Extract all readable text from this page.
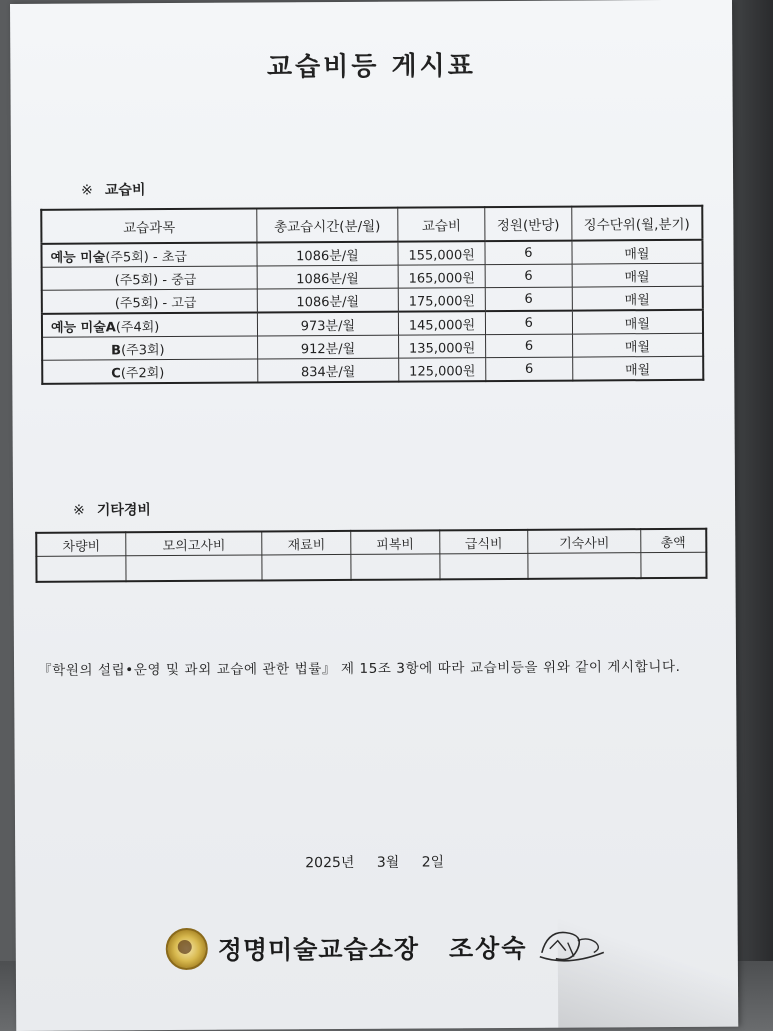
교습비등 게시표
※ 교습비
교습과목	총교습시간(분/월)	교습비	정원(반당)	징수단위(월,분기)
예능 미술(주5회) - 초급	1086분/월	155,000원	6	매월
(주5회) - 중급	1086분/월	165,000원	6	매월
(주5회) - 고급	1086분/월	175,000원	6	매월
예능 미술A(주4회)	973분/월	145,000원	6	매월
B(주3회)	912분/월	135,000원	6	매월
C(주2회)	834분/월	125,000원	6	매월
※ 기타경비
차량비	모의고사비	재료비	피복비	급식비	기숙사비	총액

『학원의 설립•운영 및 과외 교습에 관한 법률』 제 15조 3항에 따라 교습비등을 위와 같이 게시합니다.
2025년 3월 2일
정명미술교습소장 조상숙
